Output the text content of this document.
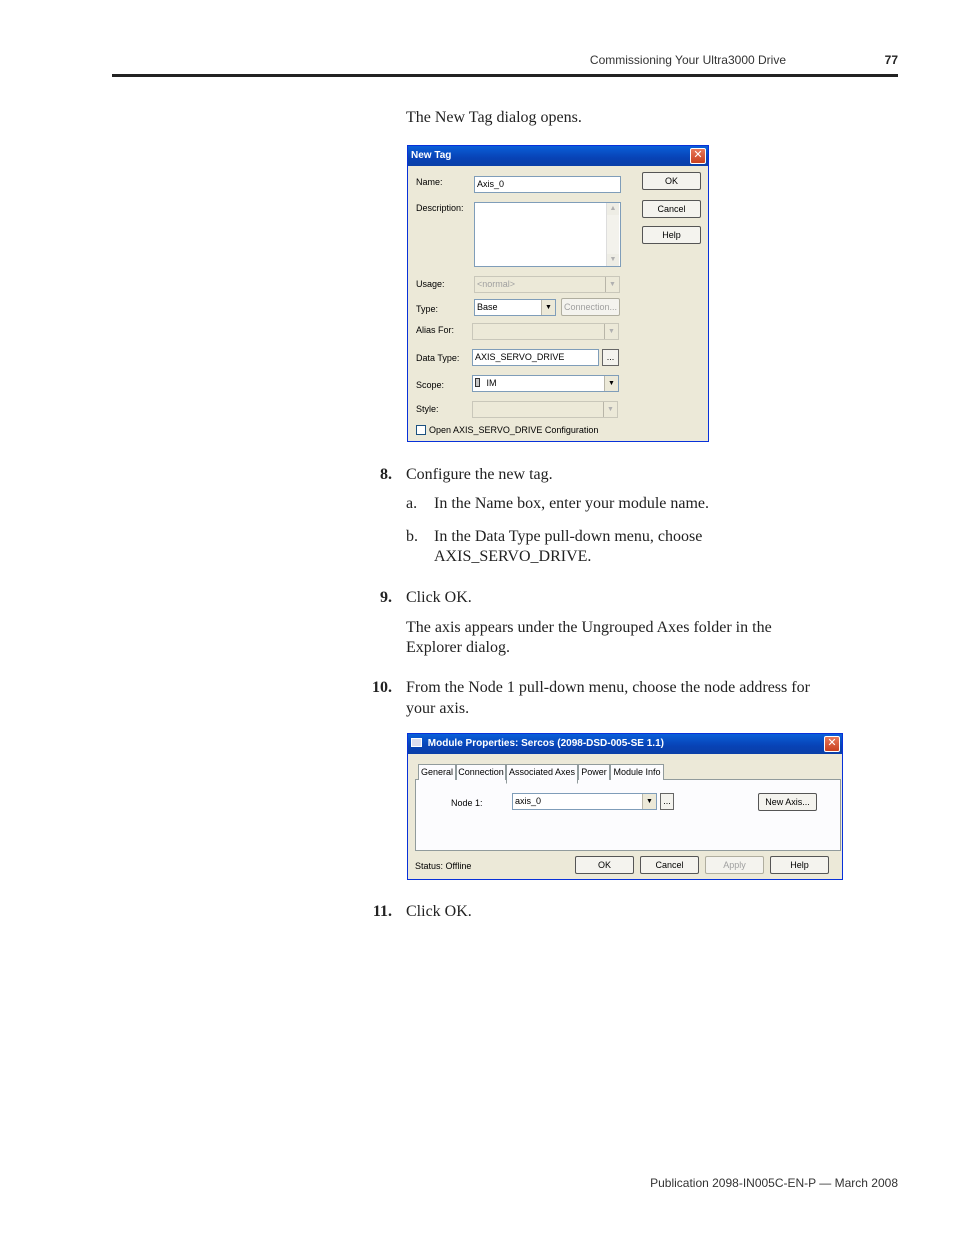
Commissioning Your Ultra3000 Drive	77
The New Tag dialog opens.
New Tag	✕
Name:	Axis_0
Description:	▲
▼
Usage:	<normal>	▼
Type:	Base	▼	Connection...
Alias For:	▼
Data Type:	AXIS_SERVO_DRIVE	...
Scope:	IM	▼
Style:	▼
Open AXIS_SERVO_DRIVE Configuration
OK
Cancel
Help
8. Configure the new tag.
a. In the Name box, enter your module name.
b. In the Data Type pull-down menu, choose
AXIS_SERVO_DRIVE.
9. Click OK.
The axis appears under the Ungrouped Axes folder in the
Explorer dialog.
10. From the Node 1 pull-down menu, choose the node address for
your axis.
Module Properties: Sercos (2098-DSD-005-SE 1.1)	✕
General Connection Associated Axes Power Module Info
Node 1:	axis_0	▼	...	New Axis...
Status: Offline	OK	Cancel	Apply	Help
11. Click OK.
Publication 2098-IN005C-EN-P — March 2008
